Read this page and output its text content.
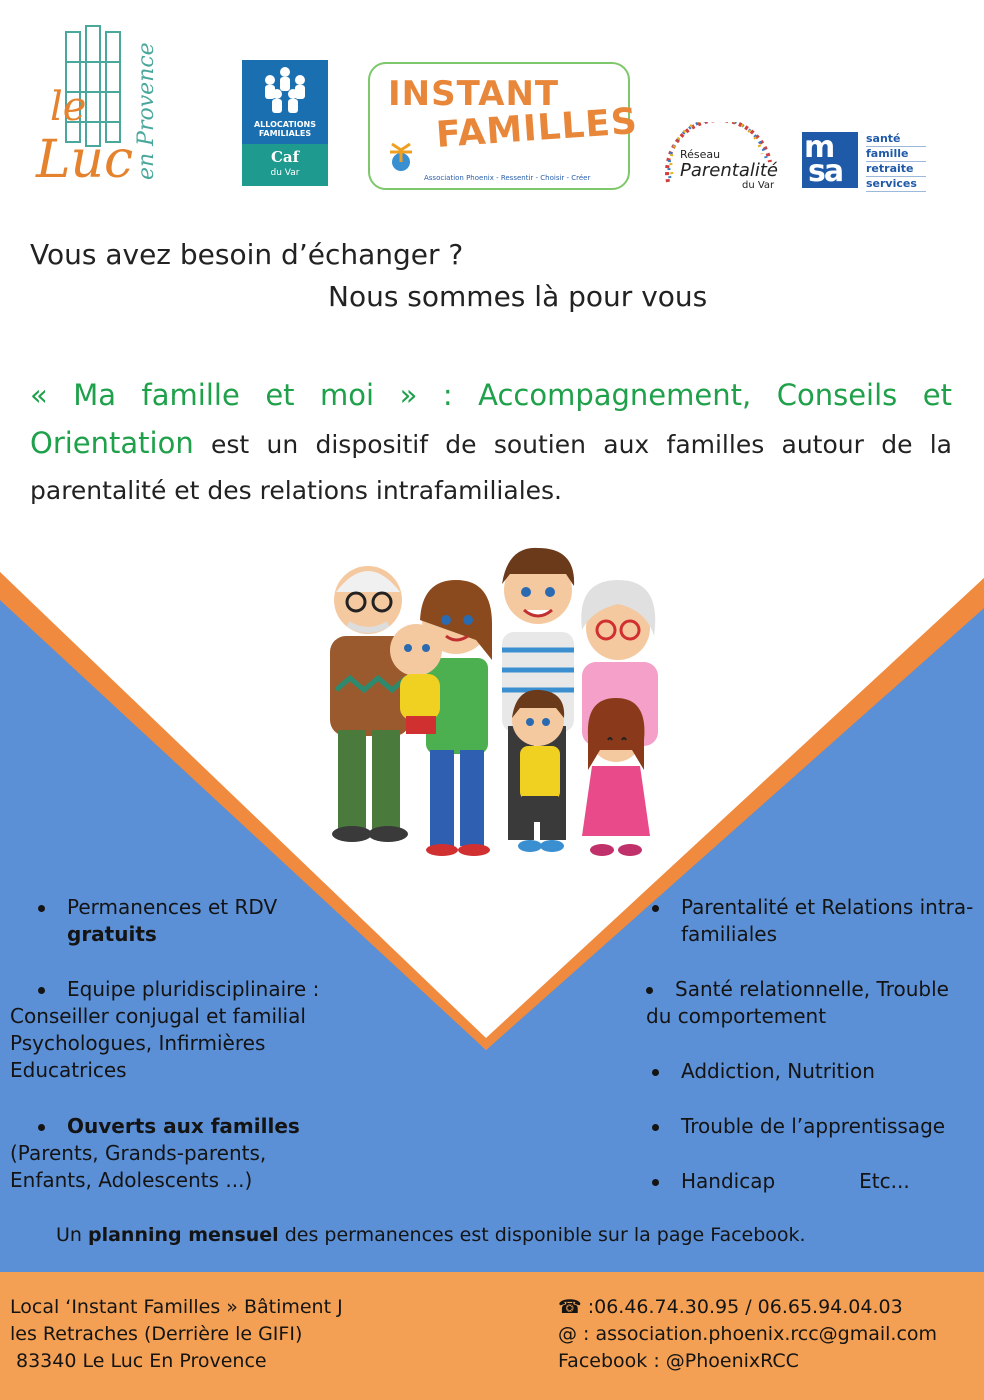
le
Luc en Provence	ALLOCATIONS FAMILIALES
Caf
du Var
INSTANT
FAMILLES
Association Phoenix - Ressentir - Choisir - Créer
Réseau
Parentalité
du Var
m
sa
santé
famille
retraite
services
Vous avez besoin d’échanger ?
Nous sommes là pour vous
« Ma famille et moi » : Accompagnement, Conseils et Orientation est un dispositif de soutien aux familles autour de la parentalité et des relations intrafamiliales.
Permanences et RDV
gratuits
Equipe pluridisciplinaire :
Conseiller conjugal et familial
Psychologues, Infirmières
Educatrices
Ouverts aux familles
(Parents, Grands-parents,
Enfants, Adolescents ...)
Parentalité et Relations intra-
familiales
Santé relationnelle, Trouble
du comportement
Addiction, Nutrition
Trouble de l’apprentissage
Handicap	Etc...
Un planning mensuel des permanences est disponible sur la page Facebook.
Local ‘Instant Familles » Bâtiment J
les Retraches (Derrière le GIFI)
83340 Le Luc En Provence
☎ :06.46.74.30.95 / 06.65.94.04.03
@ : association.phoenix.rcc@gmail.com
Facebook : @PhoenixRCC
